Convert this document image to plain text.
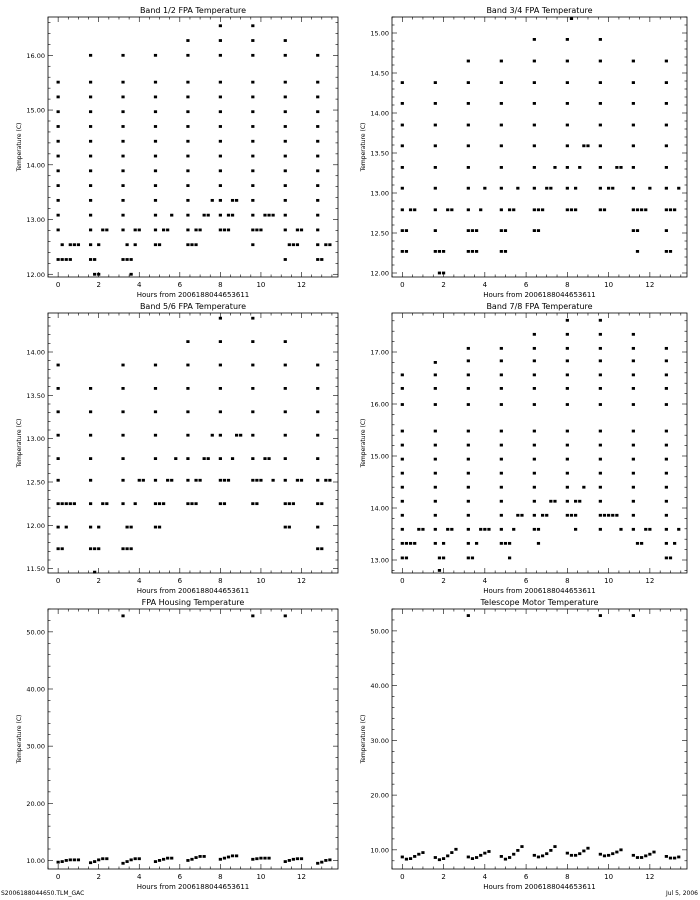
Band 1/2 FPA Temperature
Hours from 2006188044653611
Temperature (C)
0	2	4	6	8	10	12
12.00
13.00
14.00
15.00
16.00
Band 3/4 FPA Temperature
Hours from 2006188044653611
Temperature (C)
0	2	4	6	8	10	12
12.00
12.50
13.00
13.50
14.00
14.50
15.00
Band 5/6 FPA Temperature
Hours from 2006188044653611
Temperature (C)
0	2	4	6	8	10	12
11.50
12.00
12.50
13.00
13.50
14.00
Band 7/8 FPA Temperature
Hours from 2006188044653611
Temperature (C)
0	2	4	6	8	10	12
13.00
14.00
15.00
16.00
17.00
FPA Housing Temperature
Hours from 2006188044653611
Temperature (C)
0	2	4	6	8	10	12
10.00
20.00
30.00
40.00
50.00
Telescope Motor Temperature
Hours from 2006188044653611
Temperature (C)
0	2	4	6	8	10	12
10.00
20.00
30.00
40.00
50.00
S2006188044650.TLM_GAC	Jul 5, 2006
